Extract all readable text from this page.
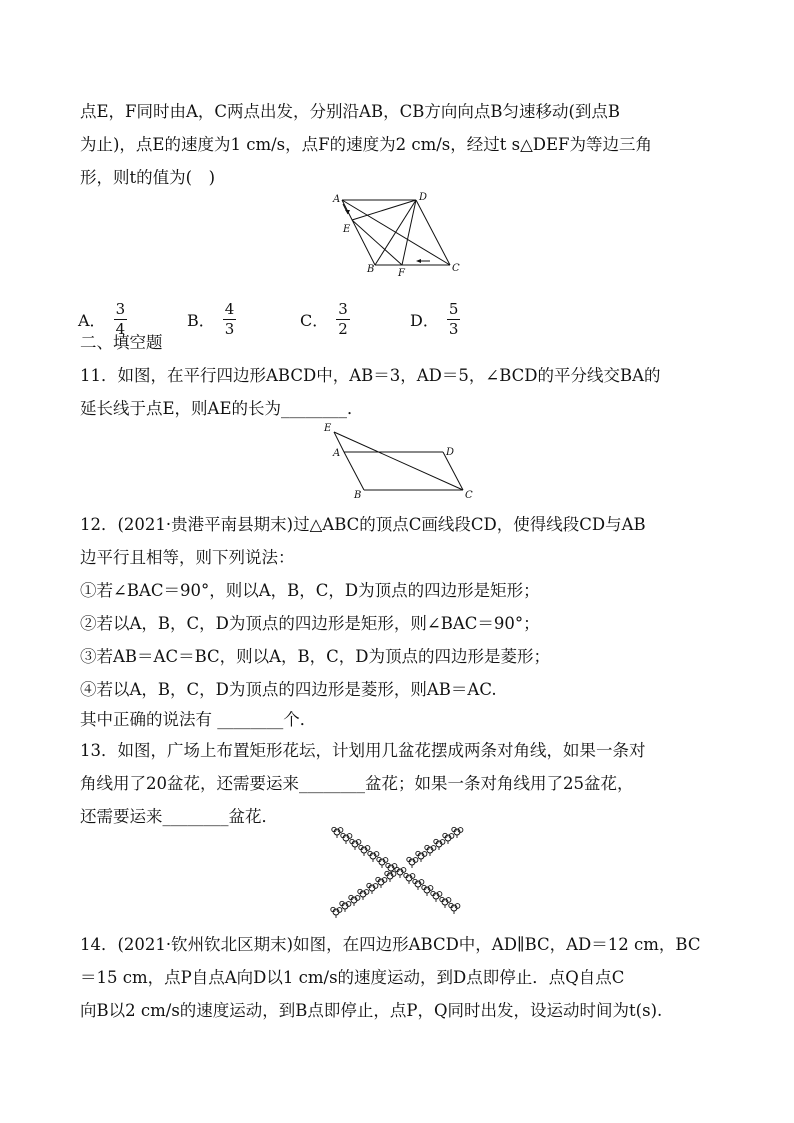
点E，F同时由A，C两点出发，分别沿AB，CB方向向点B匀速移动(到点B
为止)，点E的速度为1 cm/s，点F的速度为2 cm/s，经过t s△DEF为等边三角
形，则t的值为(　)
A	D
E
B F	C
A． $\frac{3}{4}$	B． $\frac{4}{3}$	C． $\frac{3}{2}$	D． $\frac{5}{3}$
二、填空题
11．如图，在平行四边形ABCD中，AB＝3，AD＝5，∠BCD的平分线交BA的
延长线于点E，则AE的长为________．
E
A	D
B	C
12．(2021·贵港平南县期末)过△ABC的顶点C画线段CD，使得线段CD与AB
边平行且相等，则下列说法：
①若∠BAC＝90°，则以A，B，C，D为顶点的四边形是矩形；
②若以A，B，C，D为顶点的四边形是矩形，则∠BAC＝90°；
③若AB＝AC＝BC，则以A，B，C，D为顶点的四边形是菱形；
④若以A，B，C，D为顶点的四边形是菱形，则AB＝AC.
其中正确的说法有 ________个．
13．如图，广场上布置矩形花坛，计划用几盆花摆成两条对角线，如果一条对
角线用了20盆花，还需要运来________盆花；如果一条对角线用了25盆花，
还需要运来________盆花．
14．(2021·钦州钦北区期末)如图，在四边形ABCD中，AD∥BC，AD＝12 cm，BC
＝15 cm，点P自点A向D以1 cm/s的速度运动，到D点即停止．点Q自点C
向B以2 cm/s的速度运动，到B点即停止，点P，Q同时出发，设运动时间为t(s).
